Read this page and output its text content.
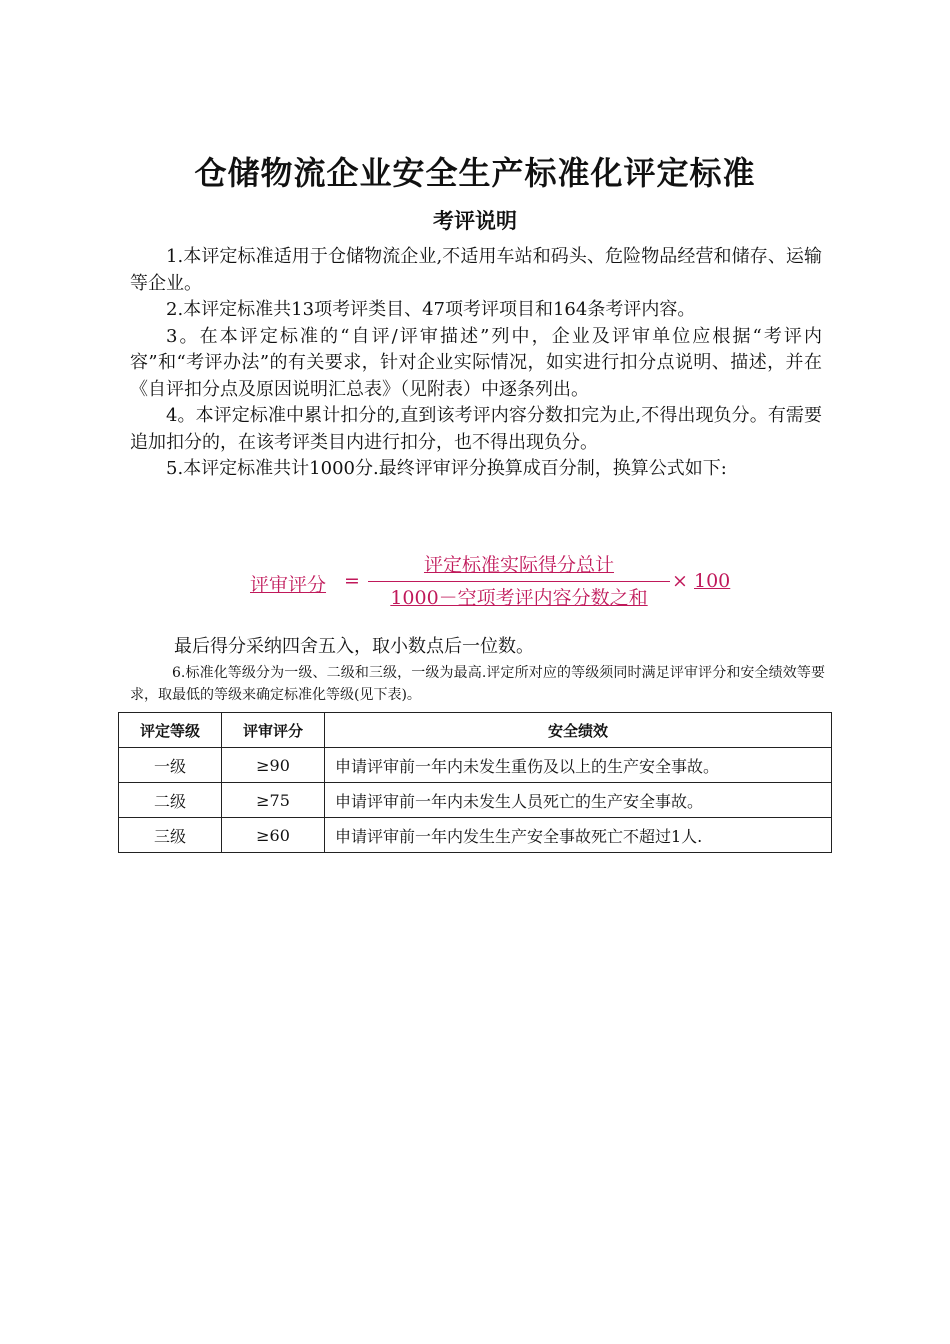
仓储物流企业安全生产标准化评定标准
考评说明

1.本评定标准适用于仓储物流企业,不适用车站和码头、危险物品经营和储存、运输等企业。

2.本评定标准共13项考评类目、47项考评项目和164条考评内容。

3。在本评定标准的“自评/评审描述”列中，企业及评审单位应根据“考评内容”和“考评办法”的有关要求，针对企业实际情况，如实进行扣分点说明、描述，并在《自评扣分点及原因说明汇总表》（见附表）中逐条列出。

4。本评定标准中累计扣分的,直到该考评内容分数扣完为止,不得出现负分。有需要追加扣分的，在该考评类目内进行扣分，也不得出现负分。

5.本评定标准共计1000分.最终评审评分换算成百分制，换算公式如下:

评审评分 =
评定标准实际得分总计
1000－空项考评内容分数之和
× 100
最后得分采纳四舍五入，取小数点后一位数。

6.标准化等级分为一级、二级和三级，一级为最高.评定所对应的等级须同时满足评审评分和安全绩效等要求，取最低的等级来确定标准化等级(见下表)。

评定等级	评审评分	安全绩效
一级	≥90	申请评审前一年内未发生重伤及以上的生产安全事故。
二级	≥75	申请评审前一年内未发生人员死亡的生产安全事故。
三级	≥60	申请评审前一年内发生生产安全事故死亡不超过1人.
